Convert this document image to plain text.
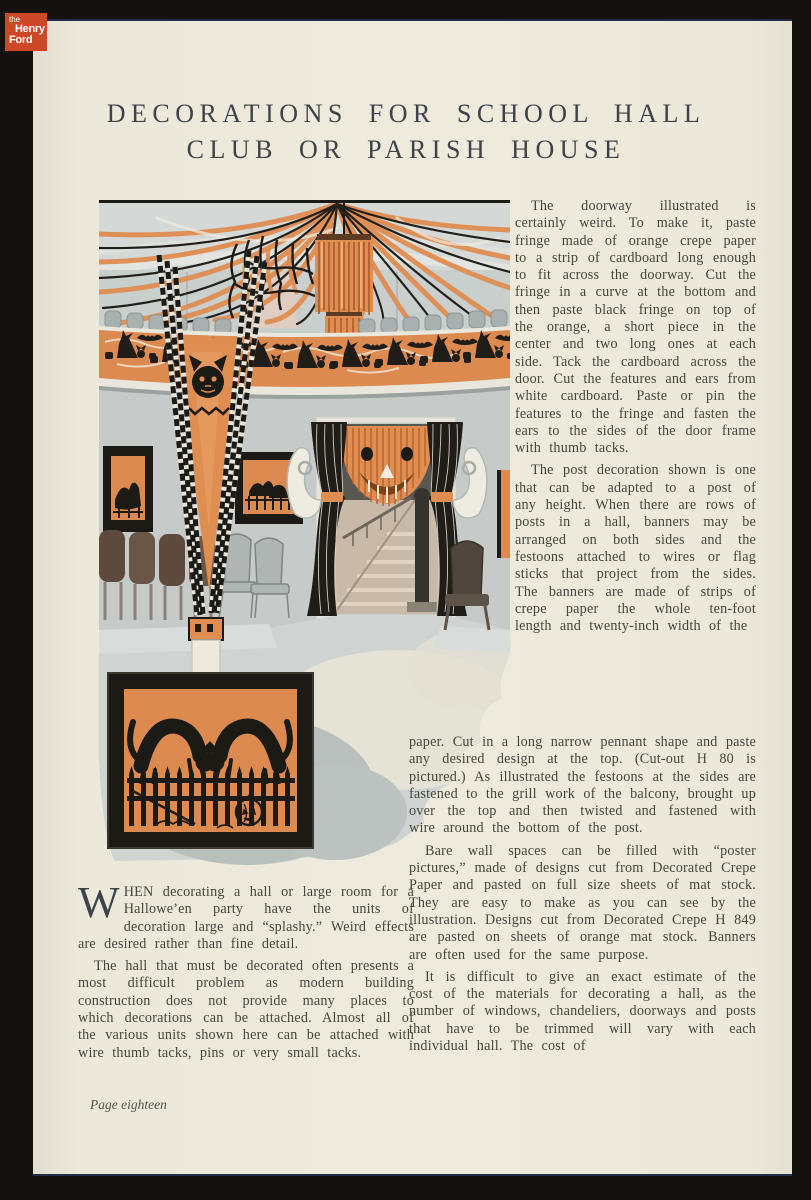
the
Henry
Ford
DECORATIONS FOR SCHOOL HALL
CLUB OR PARISH HOUSE

The doorway illustrated is certainly weird. To make it, paste fringe made of orange crepe paper to a strip of cardboard long enough to fit across the doorway. Cut the fringe in a curve at the bottom and then paste black fringe on top of the orange, a short piece in the center and two long ones at each side. Tack the cardboard across the door. Cut the features and ears from white cardboard. Paste or pin the features to the fringe and fasten the ears to the sides of the door frame with thumb tacks.

The post decoration shown is one that can be adapted to a post of any height. When there are rows of posts in a hall, banners may be arranged on both sides and the festoons attached to wires or flag sticks that project from the sides. The banners are made of strips of crepe paper the whole ten-foot length and twenty-inch width of the

paper. Cut in a long narrow pennant shape and paste any desired design at the top. (Cut-out H 80 is pictured.) As illustrated the festoons at the sides are fastened to the grill work of the balcony, brought up over the top and then twisted and fastened with wire around the bottom of the post.

Bare wall spaces can be filled with “poster pictures,” made of designs cut from Decorated Crepe Paper and pasted on full size sheets of mat stock. They are easy to make as you can see by the illustration. Designs cut from Decorated Crepe H 849 are pasted on sheets of orange mat stock. Banners are often used for the same purpose.

It is difficult to give an exact estimate of the cost of the materials for decorating a hall, as the number of windows, chandeliers, doorways and posts that have to be trimmed will vary with each individual hall. The cost of

WHEN decorating a hall or large room for a Hallowe’en party have the units of decoration large and “splashy.” Weird effects are desired rather than fine detail.

The hall that must be decorated often presents a most difficult problem as modern building construction does not provide many places to which decorations can be attached. Almost all of the various units shown here can be attached with wire thumb tacks, pins or very small tacks.

Page eighteen
